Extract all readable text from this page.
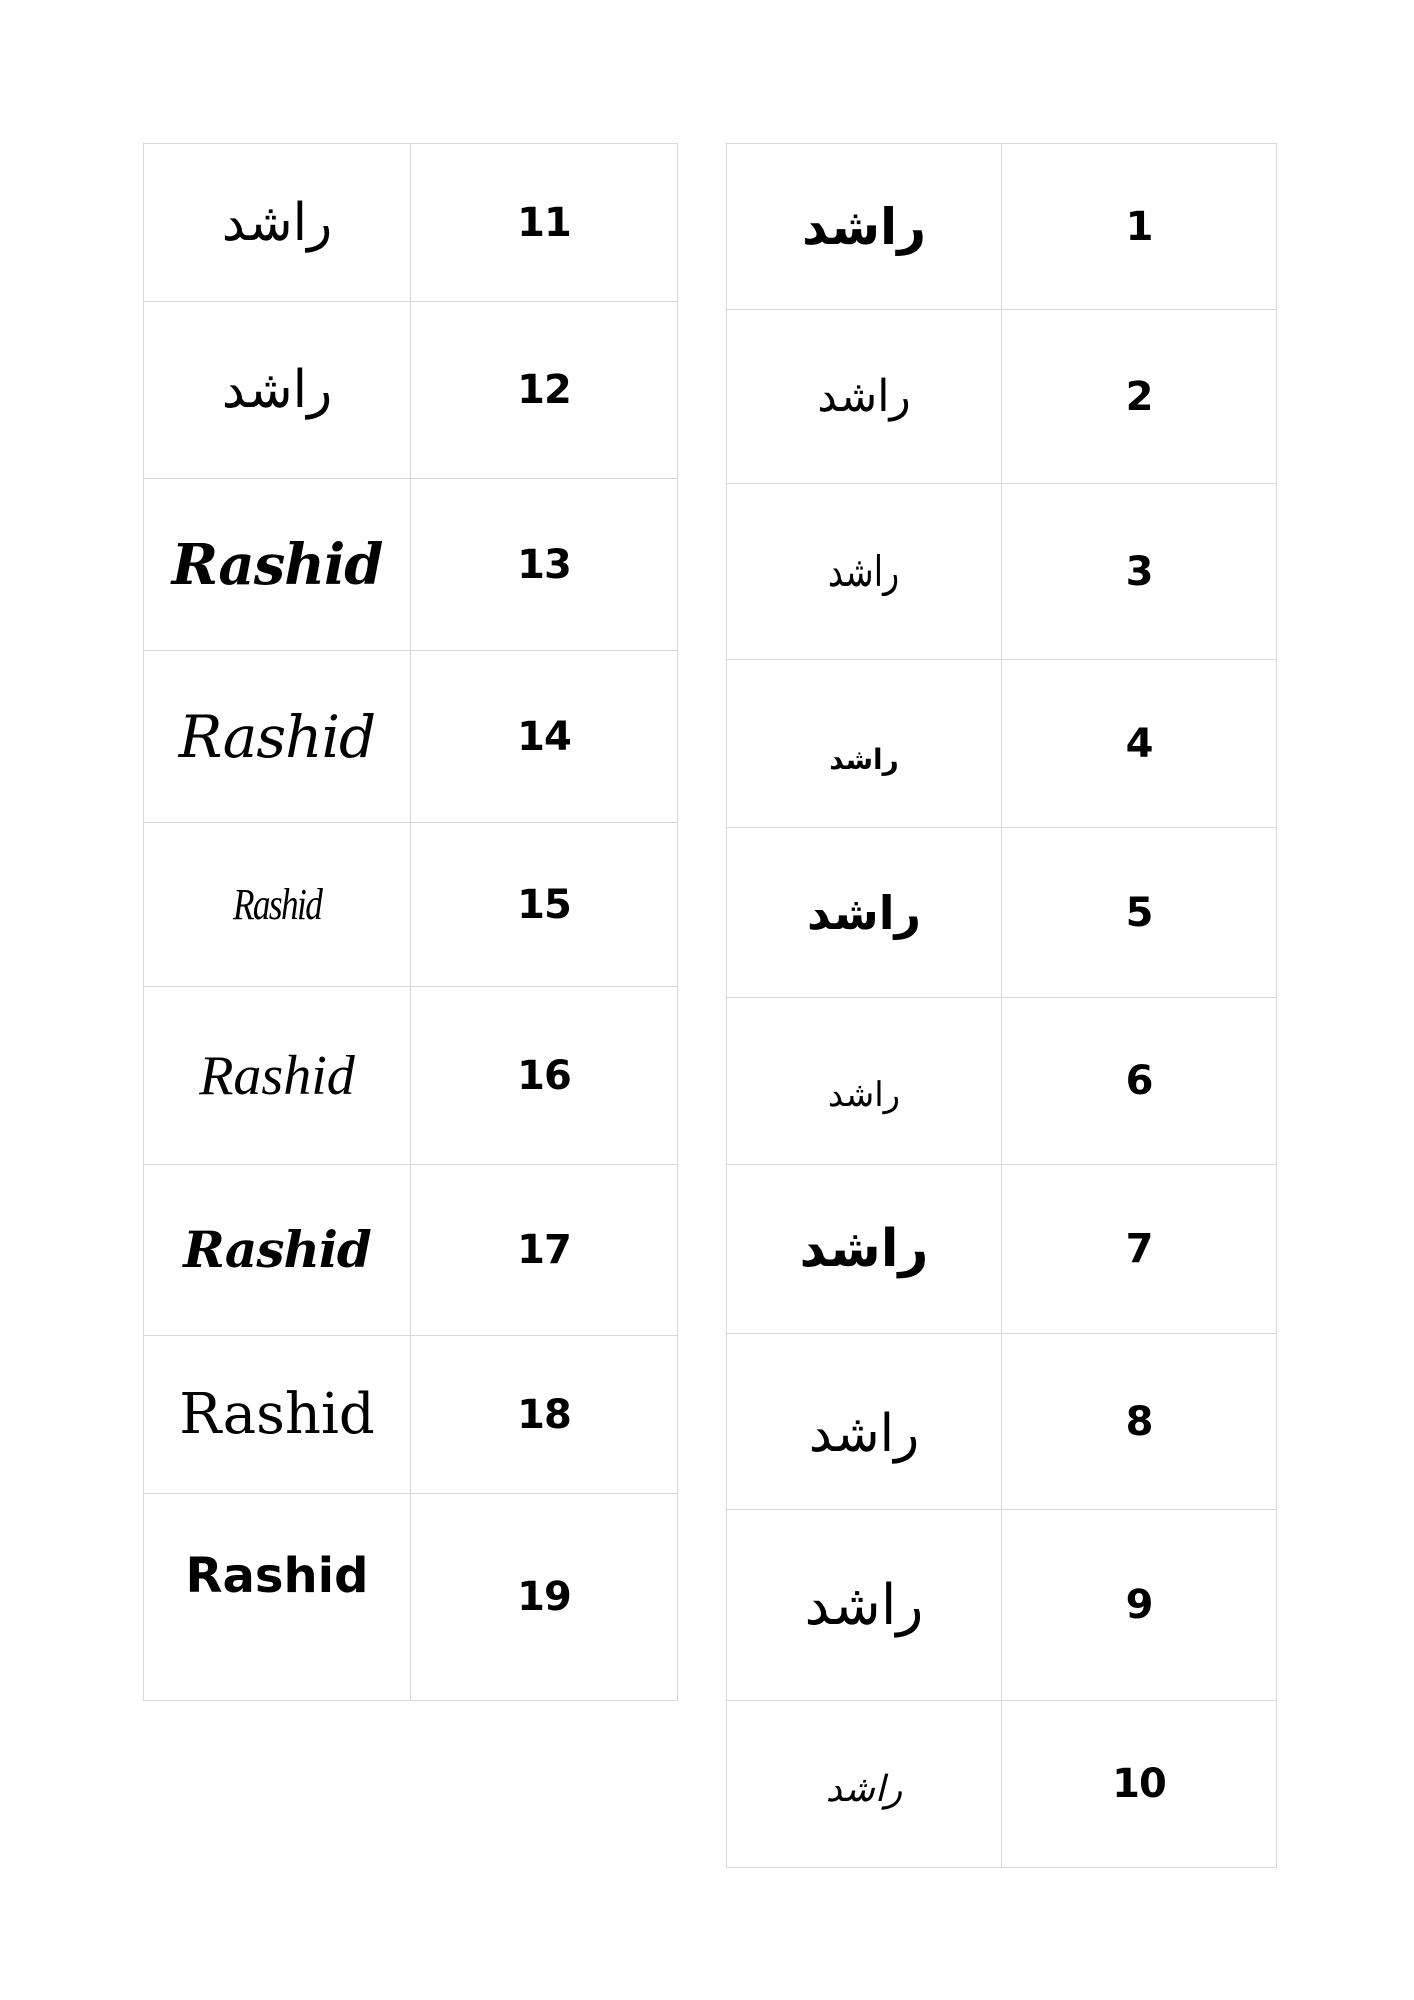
راشد	1
راشد	2
راشد	3
راشد	4
راشد	5
راشد	6
راشد	7
راشد	8
راشد	9
راشد	10
راشد	11
راشد	12
Rashid	13
Rashid	14
Rashid	15
Rashid	16
Rashid	17
Rashid	18
Rashid	19
